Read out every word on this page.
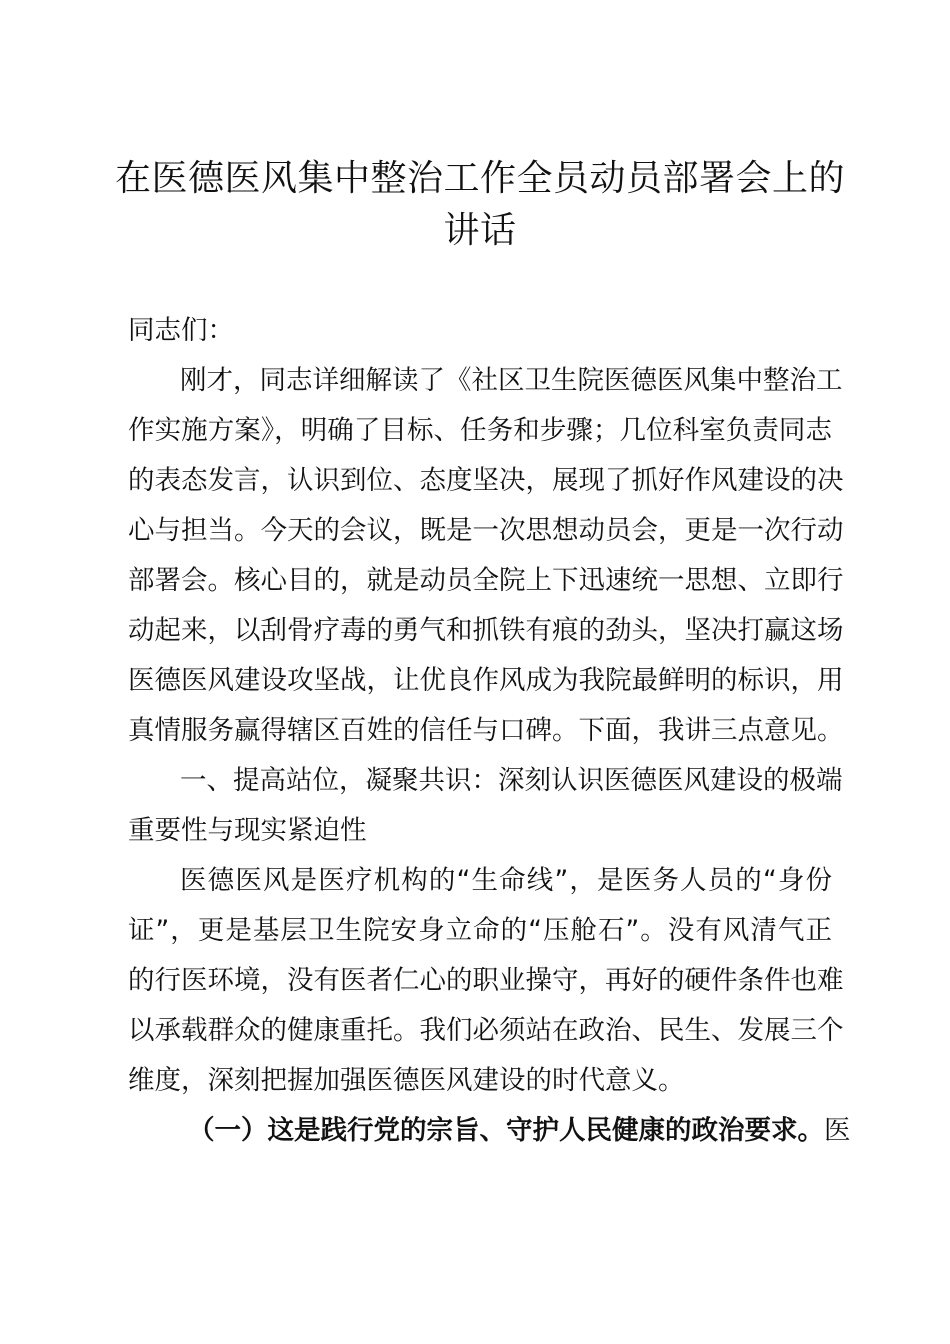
在医德医风集中整治工作全员动员部署会上的
讲话
同志们：
刚才，同志详细解读了《社区卫生院医德医风集中整治工
作实施方案》，明确了目标、任务和步骤；几位科室负责同志
的表态发言，认识到位、态度坚决，展现了抓好作风建设的决
心与担当。今天的会议，既是一次思想动员会，更是一次行动
部署会。核心目的，就是动员全院上下迅速统一思想、立即行
动起来，以刮骨疗毒的勇气和抓铁有痕的劲头，坚决打赢这场
医德医风建设攻坚战，让优良作风成为我院最鲜明的标识，用
真情服务赢得辖区百姓的信任与口碑。下面，我讲三点意见。
一、提高站位，凝聚共识：深刻认识医德医风建设的极端
重要性与现实紧迫性
医德医风是医疗机构的“生命线”，是医务人员的“身份
证”，更是基层卫生院安身立命的“压舱石”。没有风清气正
的行医环境，没有医者仁心的职业操守，再好的硬件条件也难
以承载群众的健康重托。我们必须站在政治、民生、发展三个
维度，深刻把握加强医德医风建设的时代意义。
（一）这是践行党的宗旨、守护人民健康的政治要求。医
